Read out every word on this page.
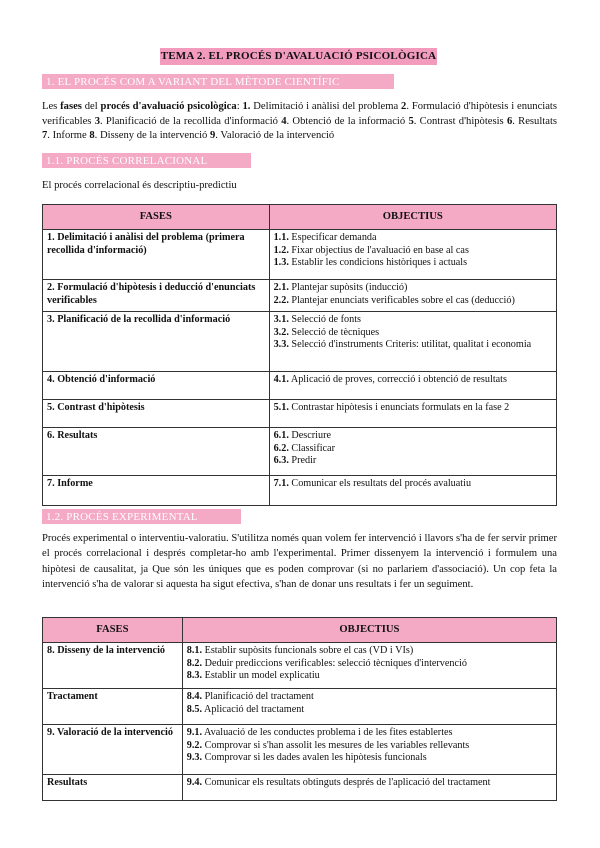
TEMA 2. EL PROCÉS D'AVALUACIÓ PSICOLÒGICA
1. EL PROCÉS COM A VARIANT DEL MÈTODE CIENTÍFIC
Les fases del procés d'avaluació psicològica: 1. Delimitació i anàlisi del problema 2. Formulació d'hipòtesis i enunciats verificables 3. Planificació de la recollida d'informació 4. Obtenció de la informació 5. Contrast d'hipòtesis 6. Resultats 7. Informe 8. Disseny de la intervenció 9. Valoració de la intervenció
1.1. PROCÉS CORRELACIONAL
El procés correlacional és descriptiu-predictiu
FASES	OBJECTIUS
1. Delimitació i anàlisi del problema (primera recollida d'informació)	1.1. Especificar demanda
1.2. Fixar objectius de l'avaluació en base al cas
1.3. Establir les condicions històriques i actuals

2. Formulació d'hipòtesis i deducció d'enunciats verificables	2.1. Plantejar supòsits (inducció)
2.2. Plantejar enunciats verificables sobre el cas (deducció)

3. Planificació de la recollida d'informació	3.1. Selecció de fonts
3.2. Selecció de tècniques
3.3. Selecció d'instruments Criteris: utilitat, qualitat i economia

4. Obtenció d'informació	4.1. Aplicació de proves, correcció i obtenció de resultats

5. Contrast d'hipòtesis	5.1. Contrastar hipòtesis i enunciats formulats en la fase 2

6. Resultats	6.1. Descriure
6.2. Classificar
6.3. Predir

7. Informe	7.1. Comunicar els resultats del procés avaluatiu
1.2. PROCÉS EXPERIMENTAL
Procés experimental o interventiu-valoratiu. S'utilitza només quan volem fer intervenció i llavors s'ha de fer servir primer el procés correlacional i després completar-ho amb l'experimental. Primer dissenyem la intervenció i formulem una hipòtesi de causalitat, ja Que són les úniques que es poden comprovar (si no parlariem d'associació). Un cop feta la intervenció s'ha de valorar si aquesta ha sigut efectiva, s'han de donar uns resultats i fer un seguiment.
FASES	OBJECTIUS
8. Disseny de la intervenció	8.1. Establir supòsits funcionals sobre el cas (VD i VIs)
8.2. Deduir prediccions verificables: selecció tècniques d'intervenció
8.3. Establir un model explicatiu

Tractament	8.4. Planificació del tractament
8.5. Aplicació del tractament

9. Valoració de la intervenció	9.1. Avaluació de les conductes problema i de les fites establertes
9.2. Comprovar si s'han assolit les mesures de les variables rellevants
9.3. Comprovar si les dades avalen les hipòtesis funcionals

Resultats	9.4. Comunicar els resultats obtinguts després de l'aplicació del tractament
